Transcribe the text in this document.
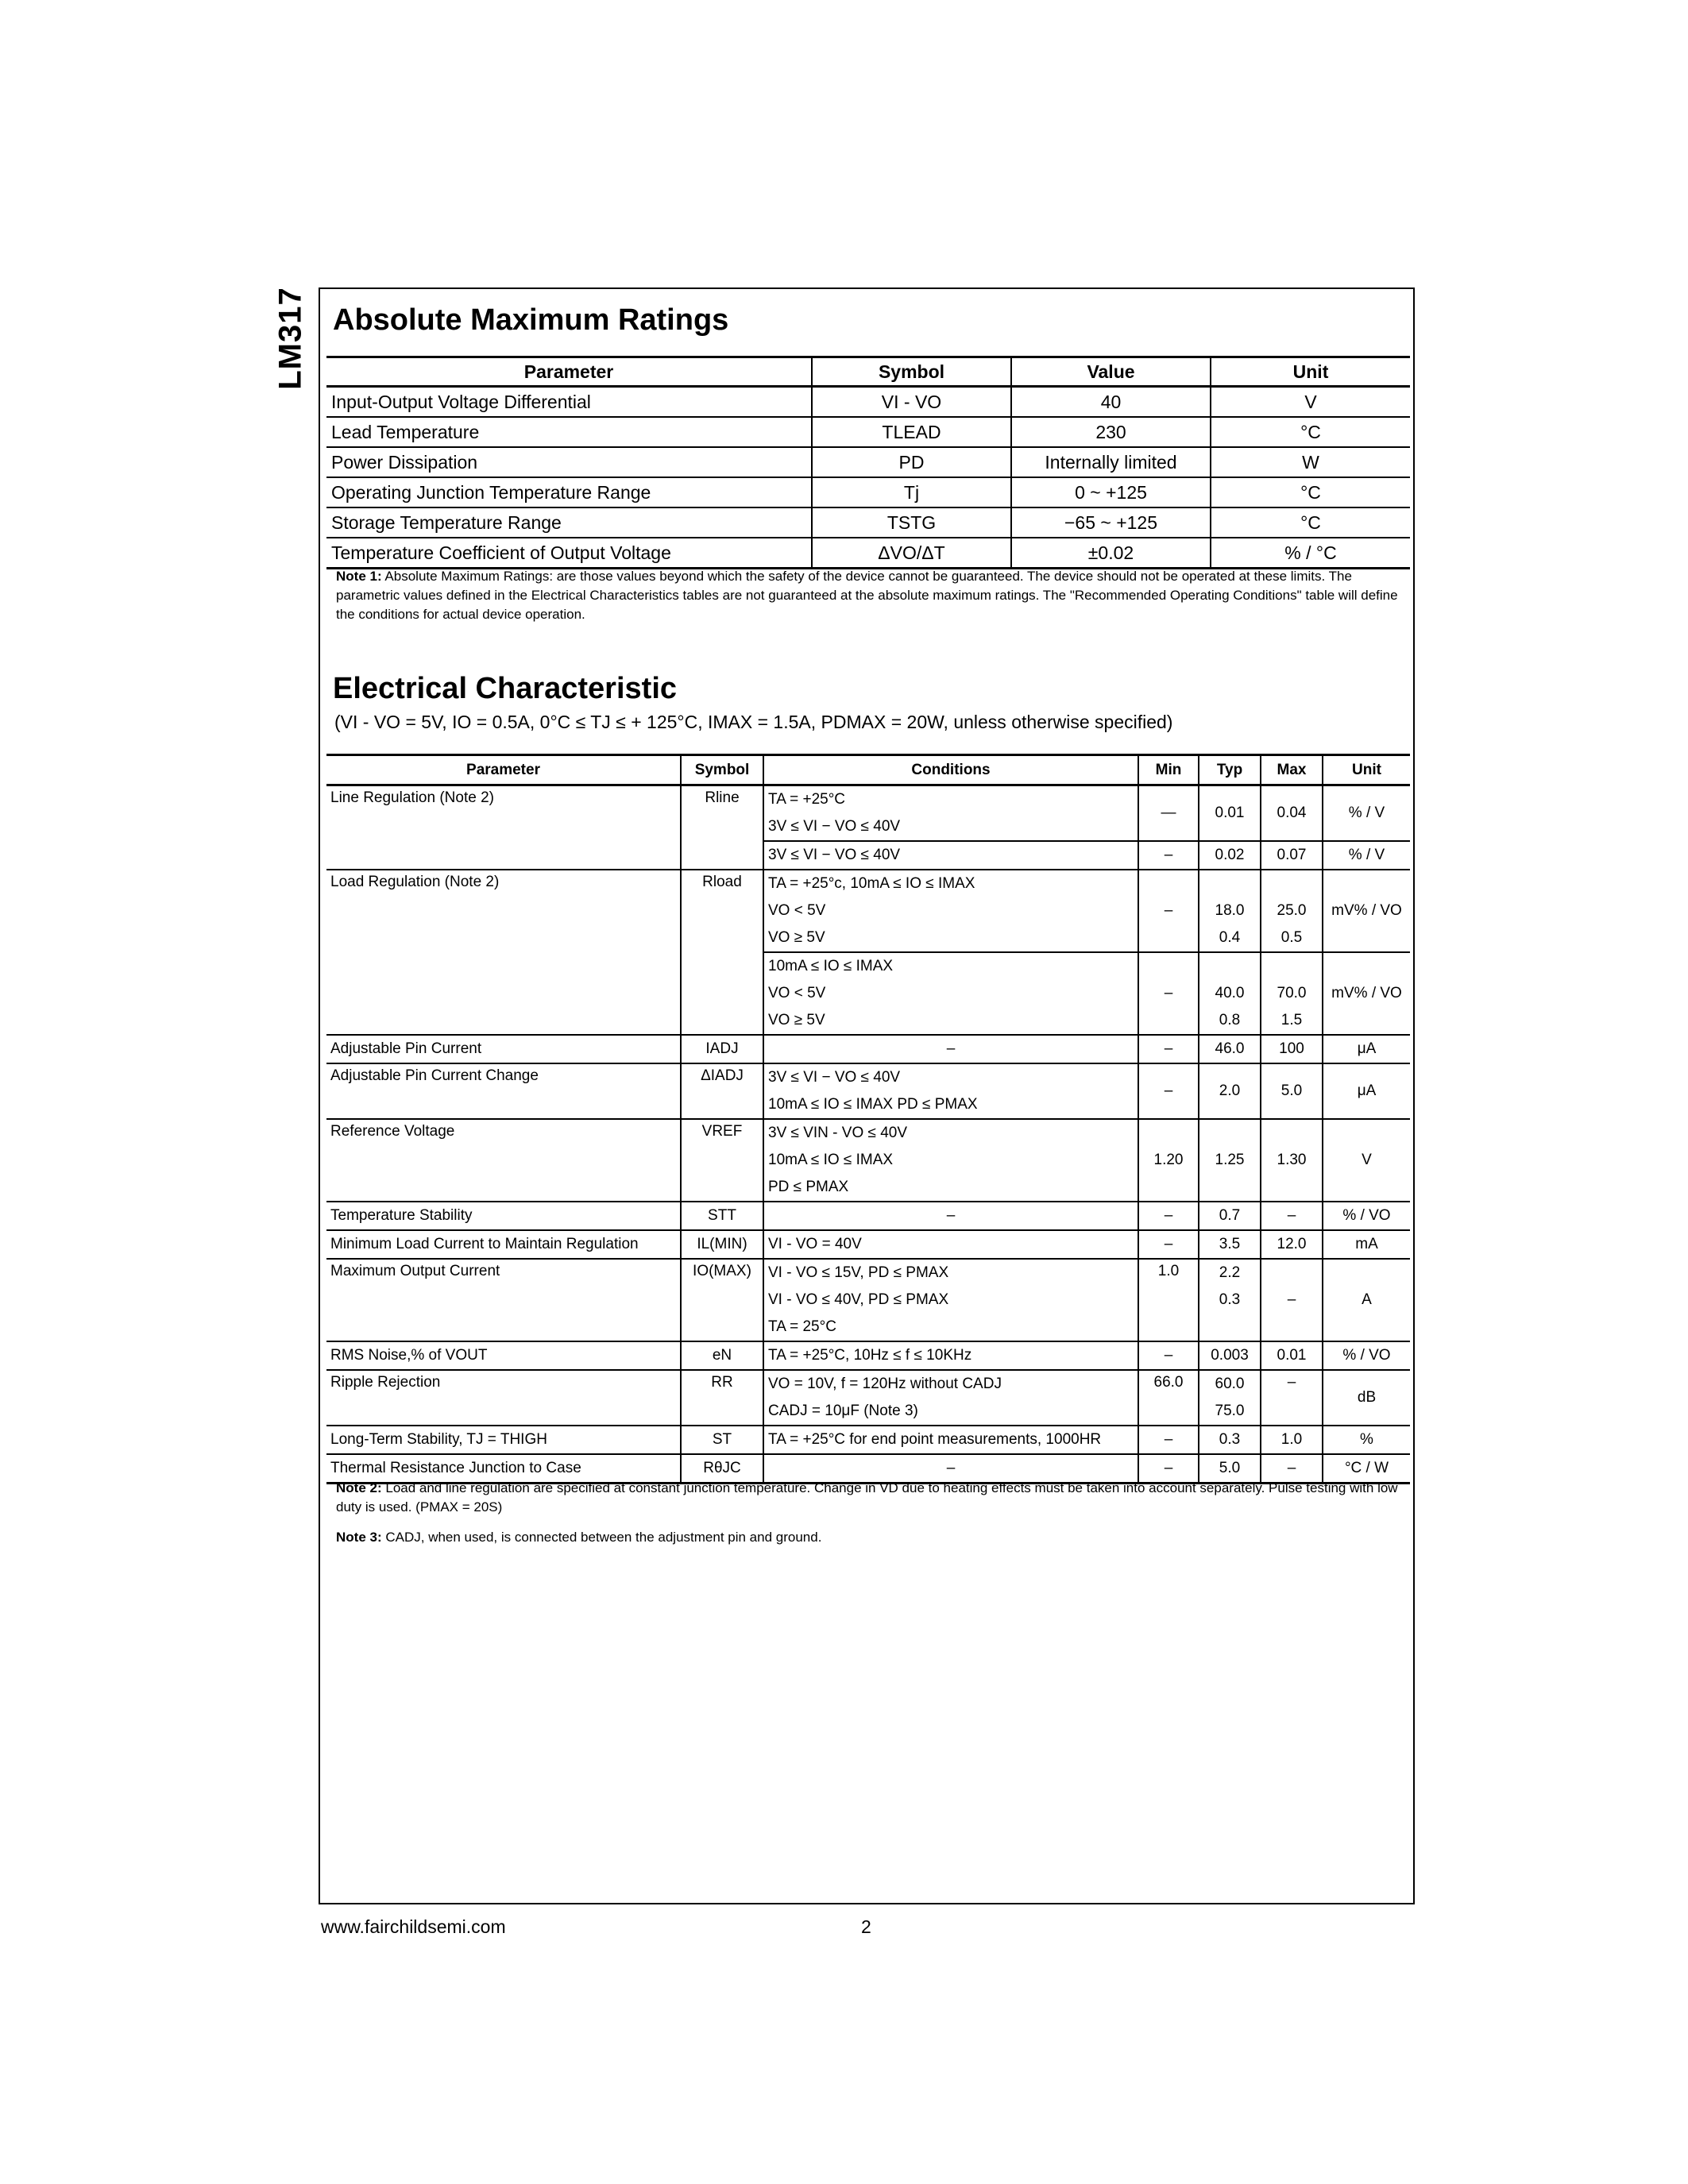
LM317 Absolute Maximum Ratings
Parameter	Symbol	Value	Unit
Input-Output Voltage Differential	VI - VO	40	V
Lead Temperature	TLEAD	230	°C
Power Dissipation	PD	Internally limited	W
Operating Junction Temperature Range	Tj	0 ~ +125	°C
Storage Temperature Range	TSTG	−65 ~ +125	°C
Temperature Coefficient of Output Voltage	ΔVO/ΔT	±0.02	% / °C
Note 1: Absolute Maximum Ratings: are those values beyond which the safety of the device cannot be guaranteed. The device should not be operated at these limits. The parametric values defined in the Electrical Characteristics tables are not guaranteed at the absolute maximum ratings. The "Recommended Operating Conditions" table will define the conditions for actual device operation.
Electrical Characteristic
(VI - VO = 5V, IO = 0.5A, 0°C ≤ TJ ≤ + 125°C, IMAX = 1.5A, PDMAX = 20W, unless otherwise specified)
Parameter	Symbol	Conditions	Min	Typ	Max	Unit
Line Regulation (Note 2)	Rline	TA = +25°C	—	0.01	0.04	% / V
		3V ≤ VI − VO ≤ 40V				
		3V ≤ VI − VO ≤ 40V	–	0.02	0.07	% / V
Load Regulation (Note 2)	Rload	TA = +25°c, 10mA ≤ IO ≤ IMAX	–			mV% / VO
		VO < 5V		18.0	25.0	
		VO ≥ 5V		0.4	0.5	
		10mA ≤ IO ≤ IMAX	–			mV% / VO
		VO < 5V		40.0	70.0	
		VO ≥ 5V		0.8	1.5	
Adjustable Pin Current	IADJ	–	–	46.0	100	μA
Adjustable Pin Current Change	ΔIADJ	3V ≤ VI − VO ≤ 40V	–	2.0	5.0	μA
		10mA ≤ IO ≤ IMAX PD ≤ PMAX				
Reference Voltage	VREF	3V ≤ VIN - VO ≤ 40V	1.20	1.25	1.30	V
		10mA ≤ IO ≤ IMAX				
		PD ≤ PMAX				
Temperature Stability	STT	–	–	0.7	–	% / VO
Minimum Load Current to Maintain Regulation	IL(MIN)	VI - VO = 40V	–	3.5	12.0	mA
Maximum Output Current	IO(MAX)	VI - VO ≤ 15V, PD ≤ PMAX	1.0	2.2	–	A
		VI - VO ≤ 40V, PD ≤ PMAX		0.3		
		TA = 25°C				
RMS Noise,% of VOUT	eN	TA = +25°C, 10Hz ≤ f ≤ 10KHz	–	0.003	0.01	% / VO
Ripple Rejection	RR	VO = 10V, f = 120Hz without CADJ	66.0	60.0	–	dB
		CADJ = 10μF (Note 3)		75.0		
Long-Term Stability, TJ = THIGH	ST	TA = +25°C for end point measurements, 1000HR	–	0.3	1.0	%
Thermal Resistance Junction to Case	RθJC	–	–	5.0	–	°C / W
Note 2: Load and line regulation are specified at constant junction temperature. Change in VD due to heating effects must be taken into account separately. Pulse testing with low duty is used. (PMAX = 20S)
Note 3: CADJ, when used, is connected between the adjustment pin and ground.
www.fairchildsemi.com	2
